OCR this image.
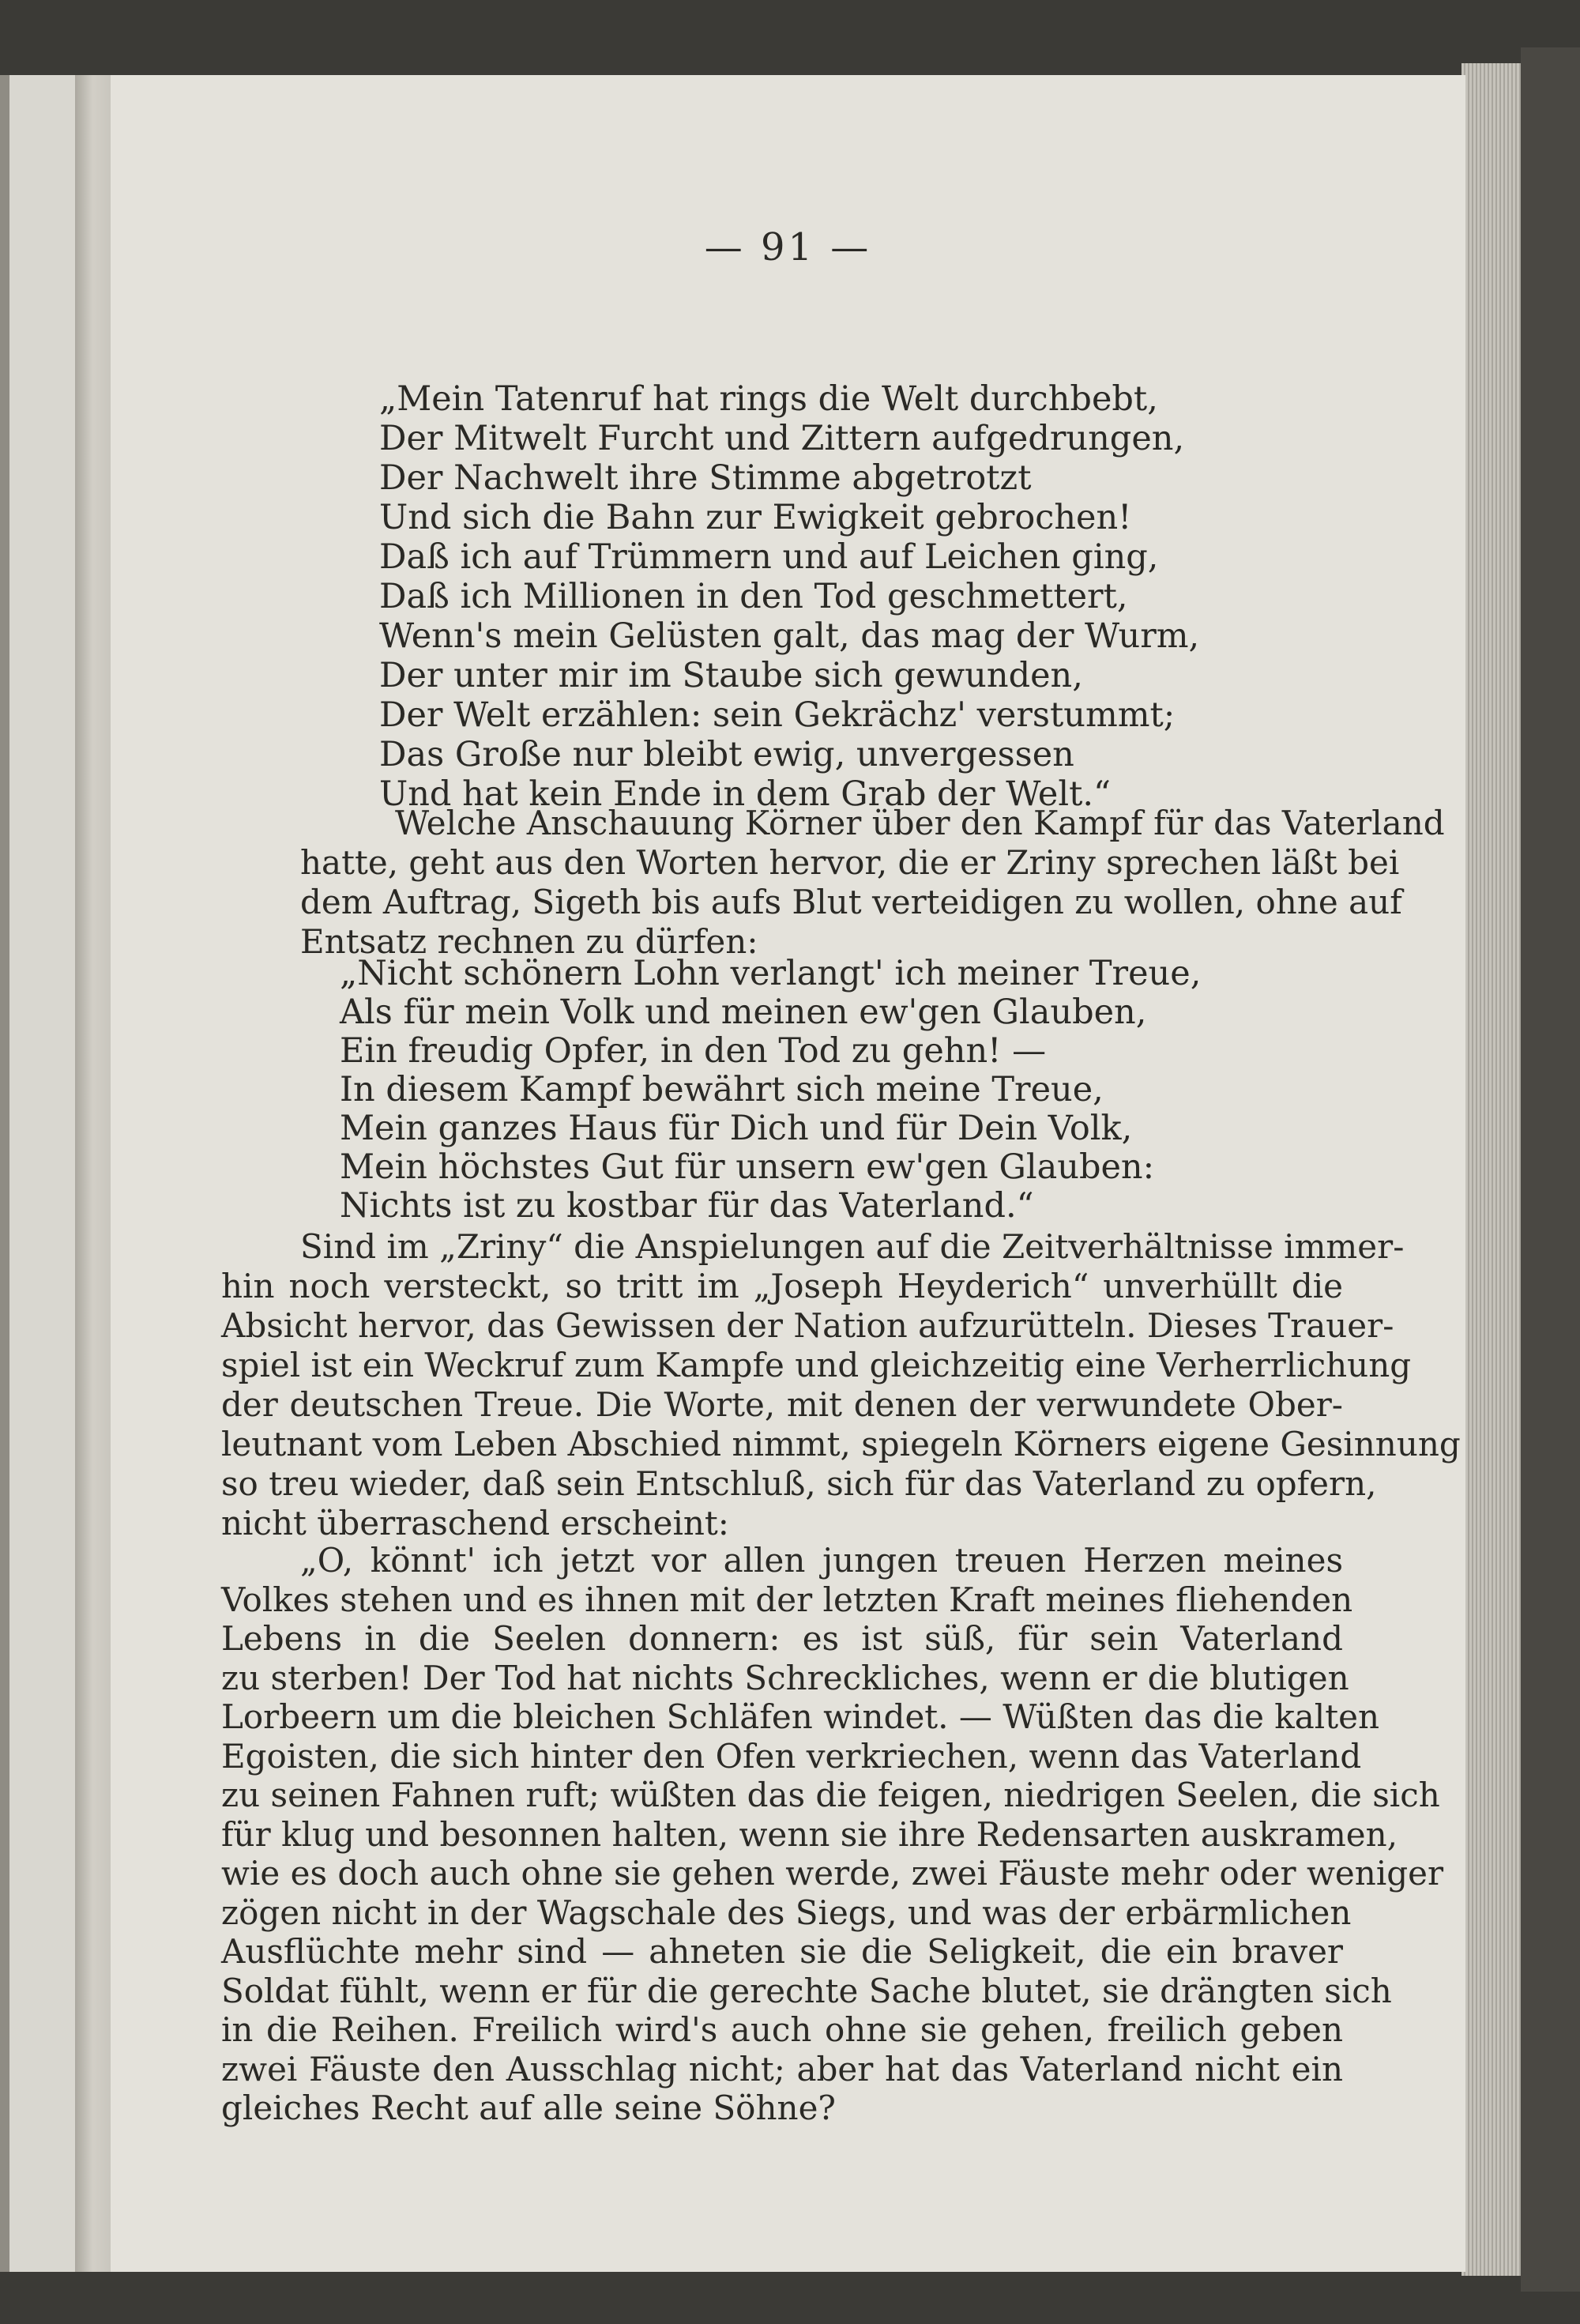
— 91 —
„Mein Tatenruf hat rings die Welt durchbebt,
Der Mitwelt Furcht und Zittern aufgedrungen,
Der Nachwelt ihre Stimme abgetrotzt
Und sich die Bahn zur Ewigkeit gebrochen!
Daß ich auf Trümmern und auf Leichen ging,
Daß ich Millionen in den Tod geschmettert,
Wenn's mein Gelüsten galt, das mag der Wurm,
Der unter mir im Staube sich gewunden,
Der Welt erzählen: sein Gekrächz' verstummt;
Das Große nur bleibt ewig, unvergessen
Und hat kein Ende in dem Grab der Welt.“
Welche Anschauung Körner über den Kampf für das Vaterland
hatte, geht aus den Worten hervor, die er Zriny sprechen läßt bei
dem Auftrag, Sigeth bis aufs Blut verteidigen zu wollen, ohne auf
Entsatz rechnen zu dürfen:
„Nicht schönern Lohn verlangt' ich meiner Treue,
Als für mein Volk und meinen ew'gen Glauben,
Ein freudig Opfer, in den Tod zu gehn! —
In diesem Kampf bewährt sich meine Treue,
Mein ganzes Haus für Dich und für Dein Volk,
Mein höchstes Gut für unsern ew'gen Glauben:
Nichts ist zu kostbar für das Vaterland.“
Sind im „Zriny“ die Anspielungen auf die Zeitverhältnisse immer-
hin noch versteckt, so tritt im „Joseph Heyderich“ unverhüllt die
Absicht hervor, das Gewissen der Nation aufzurütteln. Dieses Trauer-
spiel ist ein Weckruf zum Kampfe und gleichzeitig eine Verherrlichung
der deutschen Treue. Die Worte, mit denen der verwundete Ober-
leutnant vom Leben Abschied nimmt, spiegeln Körners eigene Gesinnung
so treu wieder, daß sein Entschluß, sich für das Vaterland zu opfern,
nicht überraschend erscheint:
„O, könnt' ich jetzt vor allen jungen treuen Herzen meines
Volkes stehen und es ihnen mit der letzten Kraft meines fliehenden
Lebens in die Seelen donnern: es ist süß, für sein Vaterland
zu sterben! Der Tod hat nichts Schreckliches, wenn er die blutigen
Lorbeern um die bleichen Schläfen windet. — Wüßten das die kalten
Egoisten, die sich hinter den Ofen verkriechen, wenn das Vaterland
zu seinen Fahnen ruft; wüßten das die feigen, niedrigen Seelen, die sich
für klug und besonnen halten, wenn sie ihre Redensarten auskramen,
wie es doch auch ohne sie gehen werde, zwei Fäuste mehr oder weniger
zögen nicht in der Wagschale des Siegs, und was der erbärmlichen
Ausflüchte mehr sind — ahneten sie die Seligkeit, die ein braver
Soldat fühlt, wenn er für die gerechte Sache blutet, sie drängten sich
in die Reihen. Freilich wird's auch ohne sie gehen, freilich geben
zwei Fäuste den Ausschlag nicht; aber hat das Vaterland nicht ein
gleiches Recht auf alle seine Söhne?
